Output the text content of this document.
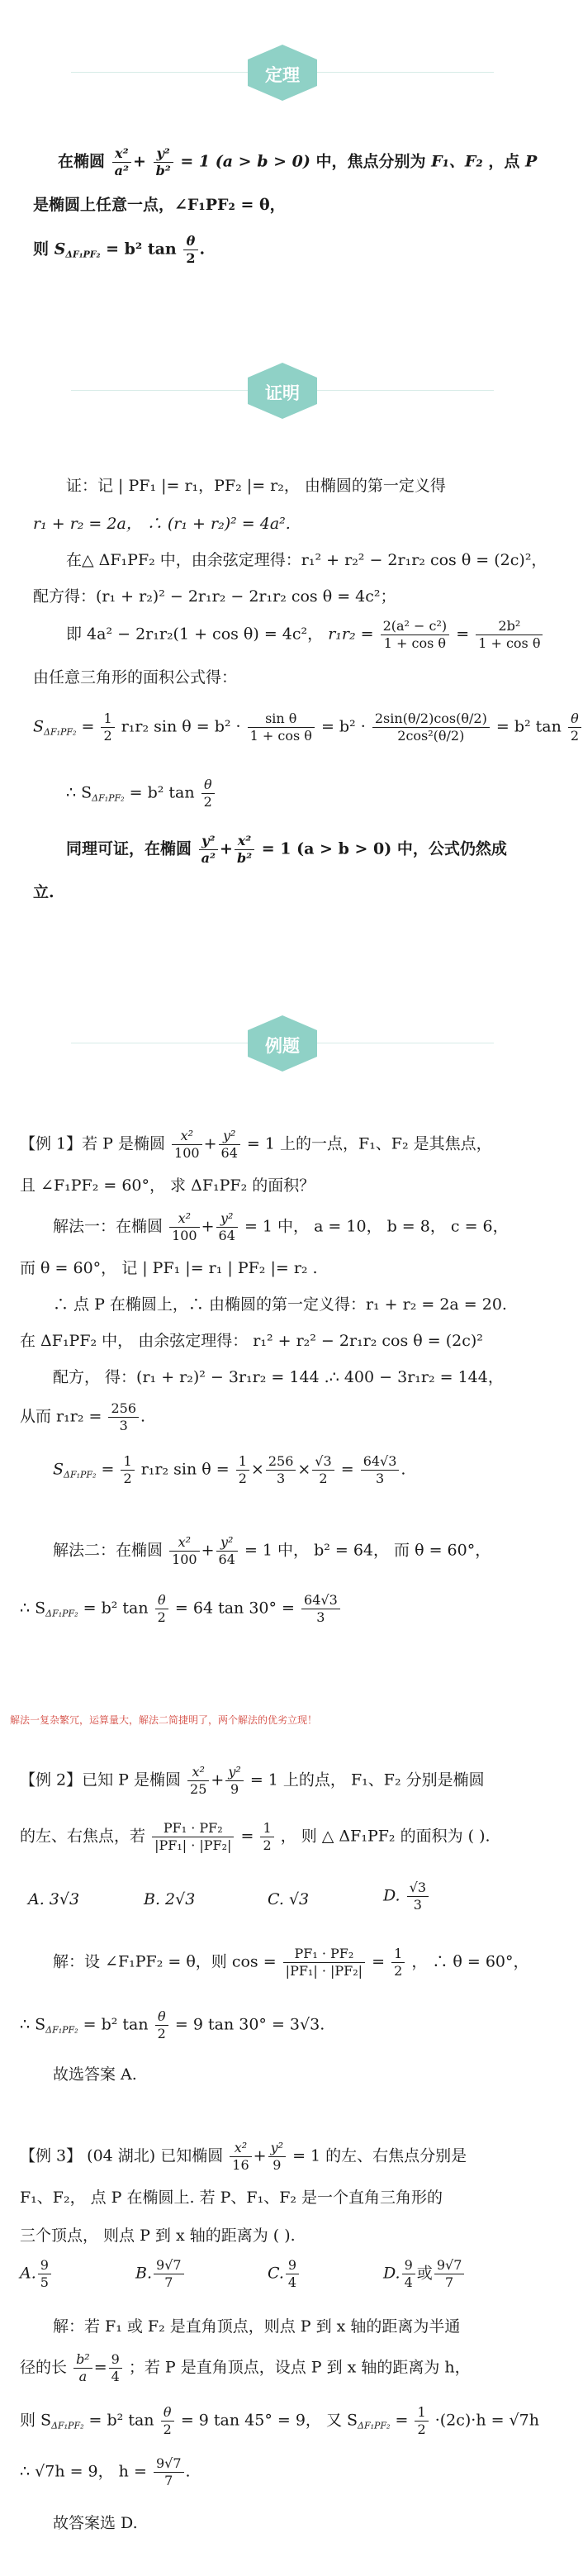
定理
在椭圆 $\frac{\text{x²}}{\text{a²}} + \frac{\text{y²}}{\text{b²}} = 1$ (a > b > 0) 中，焦点分别为 F₁、F₂ ，点 P
是椭圆上任意一点，∠F₁PF₂ = θ，
则 $S_{\Delta F_1PF_2} = b^2$ $\tan \frac{\theta}{2}$ .
证明
证：记 | PF₁ |= r₁，PF₂ |= r₂， 由椭圆的第一定义得
r₁ + r₂ = 2a， ∴ (r₁ + r₂)² = 4a².
在△ ΔF₁PF₂ 中，由余弦定理得：r₁² + r₂² − 2r₁r₂ cos θ = (2c)²，
配方得：(r₁ + r₂)² − 2r₁r₂ − 2r₁r₂ cos θ = 4c²；
即 4a² − 2r₁r₂(1 + cos θ) = 4c²， $r_1r_2 = \frac{\text{2(a² − c²)}}{\text{1 + cos θ}} = \frac{\text{2b²}}{\text{1 + cos θ}}$
由任意三角形的面积公式得：
$S_{\Delta F_1PF_2} = \frac{1}{2} r_1r_2$ $\sin \theta = b^2 \cdot \frac{\text{sin θ}}{\text{1 + cos θ}} = b^2 \cdot \frac{2\sin(\theta/2)\cos(\theta/2)}{\text{2cos²(θ/2)}} = b^2$ $\tan \frac{\theta}{2}$
∴ $S_{\Delta F_1PF_2} = b^2$ $\tan \frac{\theta}{2}$
同理可证，在椭圆 $\frac{\text{y²}}{\text{a²}} + \frac{\text{x²}}{\text{b²}} = 1$ (a > b > 0) 中，公式仍然成
立.
例题
【例 1】若 P 是椭圆 $\frac{\text{x²}}{100} + \frac{\text{y²}}{64} = 1$ 上的一点，F₁、F₂ 是其焦点，
且 ∠F₁PF₂ = 60°， 求 ΔF₁PF₂ 的面积？
解法一：在椭圆 $\frac{\text{x²}}{100} + \frac{\text{y²}}{64} = 1$ 中， a = 10， b = 8， c = 6，
而 θ = 60°， 记 | PF₁ |= r₁ | PF₂ |= r₂ .
∴ 点 P 在椭圆上，∴ 由椭圆的第一定义得：r₁ + r₂ = 2a = 20.
在 ΔF₁PF₂ 中， 由余弦定理得： r₁² + r₂² − 2r₁r₂ cos θ = (2c)²
配方， 得：(r₁ + r₂)² − 3r₁r₂ = 144 .∴ 400 − 3r₁r₂ = 144，
从而 $r_1r_2 = \frac{256}{3}$ .
$S_{\Delta F_1PF_2} = \frac{1}{2} r_1r_2$ $\sin \theta = \frac{1}{2} \times \frac{256}{3} \times \frac{√3}{2} = \frac{64√3}{3}$ .
解法二：在椭圆 $\frac{\text{x²}}{100} + \frac{\text{y²}}{64} = 1$ 中， b² = 64， 而 θ = 60°，
∴ $S_{\Delta F_1PF_2} = b^2$ $\tan \frac{\theta}{2} = 64$ $\tan 30^\circ = \frac{64√3}{3}$
解法一复杂繁冗，运算量大，解法二简捷明了，两个解法的优劣立现！
【例 2】已知 P 是椭圆 $\frac{\text{x²}}{25} + \frac{\text{y²}}{9} = 1$ 上的点， F₁、F₂ 分别是椭圆
的左、右焦点，若 $\frac{\text{PF₁ · PF₂}}{\text{|PF₁| · |PF₂|}} = \frac{1}{2}$ ， 则 △ ΔF₁PF₂ 的面积为 ( ).
A. 3√3	B. 2√3	C. √3	D. $\frac{√3}{3}$
解：设 ∠F₁PF₂ = θ，则 $\cos = \frac{\text{PF₁ · PF₂}}{\text{|PF₁| · |PF₂|}} = \frac{1}{2}$ ， ∴ θ = 60°，
∴ $S_{\Delta F_1PF_2} = b^2$ $\tan \frac{\theta}{2} = 9$ tan 30° = 3√3.
故选答案 A.
【例 3】 (04 湖北) 已知椭圆 $\frac{\text{x²}}{16} + \frac{\text{y²}}{9} = 1$ 的左、右焦点分别是
F₁、F₂， 点 P 在椭圆上. 若 P、F₁、F₂ 是一个直角三角形的
三个顶点， 则点 P 到 x 轴的距离为 ( ).
A. $\frac{9}{5}$	B. $\frac{9√7}{7}$	C. $\frac{9}{4}$	D. $\frac{9}{4}$ 或 $\frac{9√7}{7}$
解：若 F₁ 或 F₂ 是直角顶点，则点 P 到 x 轴的距离为半通
径的长 $\frac{\text{b²}}{a} = \frac{9}{4}$ ；若 P 是直角顶点，设点 P 到 x 轴的距离为 h，
则 $S_{\Delta F_1PF_2} = b^2$ $\tan \frac{\theta}{2} = 9$ tan 45° = 9， 又 $S_{\Delta F_1PF_2} = \frac{1}{2} \cdot(2c)\cdot h = √7h$
∴ √7h = 9， $h = \frac{9√7}{7}$ .
故答案选 D.
